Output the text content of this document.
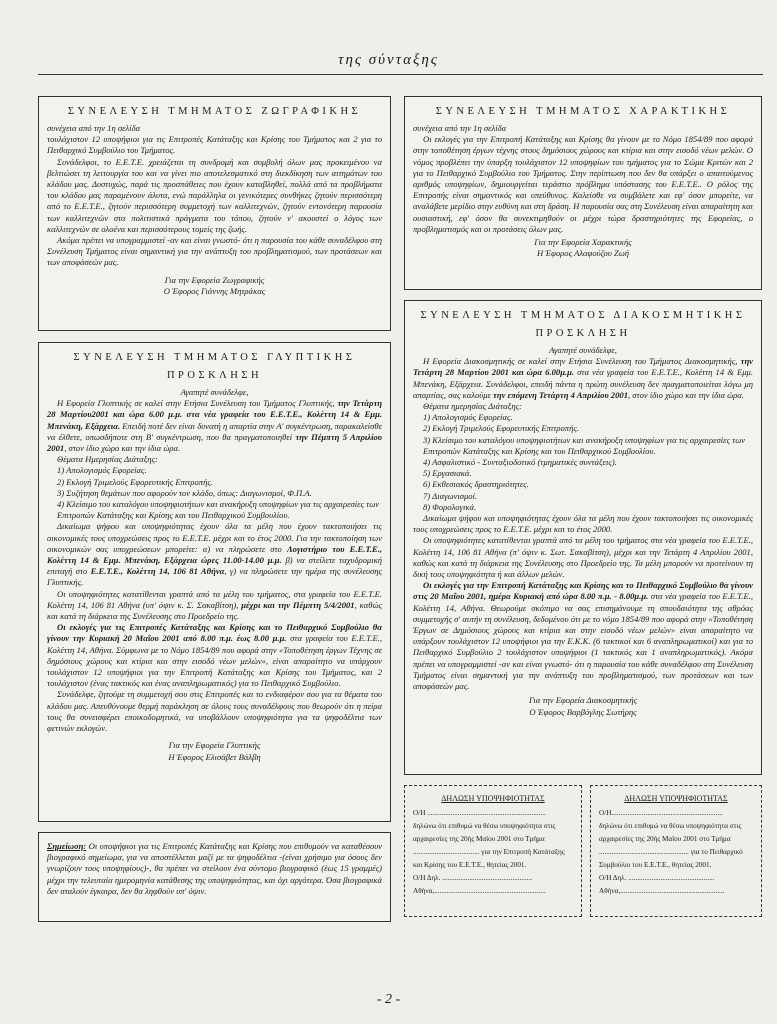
της σύνταξης
ΣΥΝΕΛΕΥΣΗ ΤΜΗΜΑΤΟΣ ΖΩΓΡΑΦΙΚΗΣ

συνέχεια από την 1η σελίδα

τουλάχιστον 12 υποψήφιοι για τις Επιτροπές Κατάταξης και Κρίσης του Τμήματος και 2 για το Πειθαρχικό Συμβούλιο του Τμήματος.

Συνάδελφοι, το Ε.Ε.Τ.Ε. χρειάζεται τη συνδρομή και συμβολή όλων μας προκειμένου να βελτιώσει τη λειτουργία του και να γίνει πιο αποτελεσματικό στη διεκδίκηση των αιτημάτων του κλάδου μας. Δυστυχώς, παρά τις προσπάθειες που έχουν καταβληθεί, πολλά από τα προβλήματα του κλάδου μας παραμένουν άλυτα, ενώ παράλληλα οι γενικότερες συνθήκες ζητούν περισσότερη από το Ε.Ε.Τ.Ε., ζητούν περισσότερη συμμετοχή των καλλιτεχνών, ζητούν εντονότερη παρουσία των καλλιτεχνών στα πολιτιστικά πράγματα του τόπου, ζητούν ν' ακουστεί ο λόγος των καλλιτεχνών σε ολοένα και περισσότερους τομείς της ζωής.

Ακόμα πρέπει να υπογραμμιστεί -αν και είναι γνωστό- ότι η παρουσία του κάθε συναδέλφου στη Συνέλευση Τμήματος είναι σημαντική για την ανάπτυξη του προβληματισμού, των προτάσεων και των αποφάσεών μας.

Για την Εφορεία Ζωγραφικής
Ο Έφορος Γιάννης Μητράκας
ΣΥΝΕΛΕΥΣΗ ΤΜΗΜΑΤΟΣ ΓΛΥΠΤΙΚΗΣ
ΠΡΟΣΚΛΗΣΗ
Αγαπητέ συνάδελφε,

Η Εφορεία Γλυπτικής σε καλεί στην Ετήσια Συνέλευση του Τμήματος Γλυπτικής, την Τετάρτη 28 Μαρτίου2001 και ώρα 6.00 μ.μ. στα νέα γραφεία του Ε.Ε.Τ.Ε., Κολέττη 14 & Εμμ. Μπενάκη, Εξάρχεια. Επειδή ποτέ δεν είναι δυνατή η απαρτία στην Α' συγκέντρωση, παρακαλείσθε να έλθετε, οπωσδήποτε στη Β' συγκέντρωση, που θα πραγματοποιηθεί την Πέμπτη 5 Απριλίου 2001, στον ίδιο χώρο και την ίδια ώρα.

Θέματα Ημερησίας Διάταξης:

1) Απολογισμός Εφορείας.
2) Εκλογή Τριμελούς Εφορευτικής Επιτροπής.
3) Συζήτηση θεμάτων που αφορούν τον κλάδο, όπως: Διαγωνισμοί, Φ.Π.Α.
4) Κλείσιμο του καταλόγου υποψηφιοτήτων και ανακήρυξη υποψηφίων για τις αρχαιρεσίες των Επιτροπών Κατάταξης και Κρίσης και του Πειθαρχικού Συμβουλίου.

Δικαίωμα ψήφου και υποψηφιότητας έχουν όλα τα μέλη που έχουν τακτοποιήσει τις οικονομικές τους υποχρεώσεις προς το Ε.Ε.Τ.Ε. μέχρι και το έτος 2000. Για την τακτοποίηση των οικονομικών σας υποχρεώσεων μπορείτε: α) να πληρώσετε στο Λογιστήριο του Ε.Ε.Τ.Ε., Κολέττη 14 & Εμμ. Μπενάκη, Εξάρχεια ώρες 11.00-14.00 μ.μ. β) να στείλετε ταχυδρομική επιταγή στο Ε.Ε.Τ.Ε., Κολέττη 14, 106 81 Αθήνα, γ) να πληρώσετε την ημέρα της συνέλευσης Γλυπτικής.

Οι υποψηφιότητες κατατίθενται γραπτά από τα μέλη του τμήματος, στα γραφεία του Ε.Ε.Τ.Ε. Κολέττη 14, 106 81 Αθήνα (υπ' όψιν κ. Σ. Σακαβίτση), μέχρι και την Πέμπτη 5/4/2001, καθώς και κατά τη διάρκεια της Συνέλευσης στο Προεδρείο της.

Οι εκλογές για τις Επιτροπές Κατάταξης και Κρίσης και το Πειθαρχικό Συμβούλιο θα γίνουν την Κυριακή 20 Μαΐου 2001 από 8.00 π.μ. έως 8.00 μ.μ. στα γραφεία του Ε.Ε.Τ.Ε., Κολέττη 14, Αθήνα. Σύμφωνα με το Νόμο 1854/89 που αφορά στην «Τοποθέτηση έργων Τέχνης σε δημόσιους χώρους και κτίρια και στην εισοδό νέων μελών», είναι απαραίτητο να υπάρχουν τουλάχιστον 12 υποψήφιοι για την Επιτροπή Κατάταξης και Κρίσης του Τμήματος, και 2 τουλάχιστον (ένας τακτικός και ένας αναπληρωματικός) για το Πειθαρχικό Συμβούλιο.

Συνάδελφε, ζητούμε τη συμμετοχή σου στις Επιτροπές και το ενδιαφέρον σου για τα θέματα του κλάδου μας. Απευθύνουμε θερμή παράκληση σε όλους τους συναδέλφους που θεωρούν ότι η πείρα τους θα συνεισφέρει εποικοδομητικά, να υποβάλλουν υποψηφιότητα για τα ψηφοδέλτια των φετινών εκλογών.

Για την Εφορεία Γλυπτικής
Η Έφορος Ελισάβετ Βάλβη

Σημείωση: Οι υποψήφιοι για τις Επιτροπές Κατάταξης και Κρίσης που επιθυμούν να καταθέσουν βιογραφικό σημείωμα, για να αποστέλλεται μαζί με τα ψηφοδέλτια -(είναι χρήσιμο για όσους δεν γνωρίζουν τους υποψηφίους)-, θα πρέπει να στείλουν ένα σύντομο βιογραφικό (έως 15 γραμμές) μέχρι την τελευταία ημερομηνία κατάθεσης της υποψηφιότητας, και όχι αργότερα. Όσα βιογραφικά δεν σταλούν έγκαιρα, δεν θα ληφθούν υπ' όψιν.

ΣΥΝΕΛΕΥΣΗ ΤΜΗΜΑΤΟΣ ΧΑΡΑΚΤΙΚΗΣ

συνέχεια από την 1η σελίδα

Οι εκλογές για την Επιτροπή Κατάταξης και Κρίσης θα γίνουν με το Νόμο 1854/89 που αφορά στην τοποθέτηση έργων τέχνης στους δημόσιους χώρους και κτίρια και στην εισοδό νέων μελών. Ο νόμος προβλέπει την ύπαρξη τουλάχιστον 12 υποψηφίων του τμήματος για το Σώμα Κριτών και 2 για το Πειθαρχικό Συμβούλιο του Τμήματος. Στην περίπτωση που δεν θα υπάρξει ο απαιτούμενος αριθμός υποψηφίων, δημιουργείται τεράστιο πρόβλημα υπόστασης του Ε.Ε.Τ.Ε.. Ο ρόλος της Επιτροπής είναι σημαντικός και υπεύθυνος. Καλείσθε να συμβάλετε και εφ' όσον μπορείτε, να αναλάβετε μερίδιο στην ευθύνη και στη δράση. Η παρουσία σας στη Συνέλευση είναι απαραίτητη και ουσιαστική, εφ' όσον θα συνεκτιμηθούν οι μέχρι τώρα δραστηριότητες της Εφορείας, ο προβληματισμός και οι προτάσεις όλων μας.

Για την Εφορεία Χαρακτικής
Η Έφορος Αλαφούζου Ζωή
ΣΥΝΕΛΕΥΣΗ ΤΜΗΜΑΤΟΣ ΔΙΑΚΟΣΜΗΤΙΚΗΣ
ΠΡΟΣΚΛΗΣΗ
Αγαπητέ συνάδελφε,

Η Εφορεία Διακοσμητικής σε καλεί στην Ετήσια Συνέλευση του Τμήματος Διακοσμητικής, την Τετάρτη 28 Μαρτίου 2001 και ώρα 6.00μ.μ. στα νέα γραφεία του Ε.Ε.Τ.Ε., Κολέττη 14 & Εμμ. Μπενάκη, Εξάρχεια. Συνάδελφοι, επειδή πάντα η πρώτη συνέλευση δεν πραγματοποιείται λόγω μη απαρτίας, σας καλούμε την επόμενη Τετάρτη 4 Απριλίου 2001, στον ίδιο χώρο και την ίδια ώρα.

Θέματα ημερησίας Διάταξης:

1) Απολογισμός Εφορείας.
2) Εκλογή Τριμελούς Εφορευτικής Επιτροπής.
3) Κλείσιμο του καταλόγου υποψηφιοτήτων και ανακήρυξη υποψηφίων για τις αρχαιρεσίες των Επιτροπών Κατάταξης και Κρίσης και του Πειθαρχικού Συμβουλίου.
4) Ασφαλιστικό - Συνταξιοδοτικό (τμηματικές συντάξεις).
5) Εργασιακά.
6) Εκθεσιακός δραστηριότητες.
7) Διαγωνισμοί.
8) Φορολογικά.

Δικαίωμα ψήφου και υποψηφιότητας έχουν όλα τα μέλη που έχουν τακτοποιήσει τις οικονομικές τους υποχρεώσεις προς το Ε.Ε.Τ.Ε. μέχρι και το έτος 2000.

Οι υποψηφιότητες κατατίθενται γραπτά από τα μέλη του τμήματος στα νέα γραφεία του Ε.Ε.Τ.Ε., Κολέττη 14, 106 81 Αθήνα (π' όψιν κ. Σωτ. Σακαβίτση), μέχρι και την Τετάρτη 4 Απριλίου 2001, καθώς και κατά τη διάρκεια της Συνέλευσης στο Προεδρείο της. Τα μέλη μπορούν να προτείνουν τη δική τους υποψηφιότητα ή και άλλων μελών.

Οι εκλογές για την Επιτροπή Κατάταξης και Κρίσης και το Πειθαρχικό Συμβούλιο θα γίνουν στις 20 Μαΐου 2001, ημέρα Κυριακή από ώρα 8.00 π.μ. - 8.00μ.μ. στα νέα γραφεία του Ε.Ε.Τ.Ε., Κολέττη 14, Αθήνα. Θεωρούμε σκόπιμο να σας επισημάνουμε τη σπουδαιότητα της αθρόας συμμετοχής σ' αυτήν τη συνέλευση, δεδομένου ότι με το νόμο 1854/89 που αφορά στην «Τοποθέτηση Έργων σε Δημόσιους χώρους και κτίρια και στην εισοδό νέων μελών» είναι απαραίτητο να υπάρξουν τουλάχιστον 12 υποψήφιοι για την Ε.Κ.Κ. (6 τακτικοί και 6 αναπληρωματικοί) και για το Πειθαρχικό Συμβούλιο 2 τουλάχιστον υποψήφιοι (1 τακτικός και 1 αναπληρωματικός). Ακόμα πρέπει να υπογραμμιστεί -αν και είναι γνωστό- ότι η παρουσία του κάθε συναδέλφου στη Συνέλευση Τμήματος είναι σημαντική για την ανάπτυξη του προβληματισμού, των προτάσεων και των αποφάσεών μας.

Για την Εφορεία Διακοσμητικής
Ο Έφορος Βαρβόγλης Σωτήρης
ΔΗΛΩΣΗ ΥΠΟΨΗΦΙΟΤΗΤΑΣ
Ο/Η ..................................................................
δηλώνω ότι επιθυμώ να θέσω υποψηφιότητα στις
αρχαιρεσίες της 20ής Μαΐου 2001 στο Τμήμα
..................................... για την Επιτροπή Κατάταξης
και Κρίσης του Ε.Ε.Τ.Ε., θητείας 2001.
Ο/Η Δηλ. ..................................................
Αθήνα,..............................................................
ΔΗΛΩΣΗ ΥΠΟΨΗΦΙΟΤΗΤΑΣ
Ο/Η..............................................................
δηλώνω ότι επιθυμώ να θέσω υποψηφιότητα στις
αρχαιρεσίες της 20ής Μαΐου 2001 στο Τμήμα
.................................................. για το Πειθαρχικό
Συμβούλιο του Ε.Ε.Τ.Ε., θητείας 2001.
Ο/Η Δηλ. ................................................
Αθήνα,..........................................................
- 2 -
